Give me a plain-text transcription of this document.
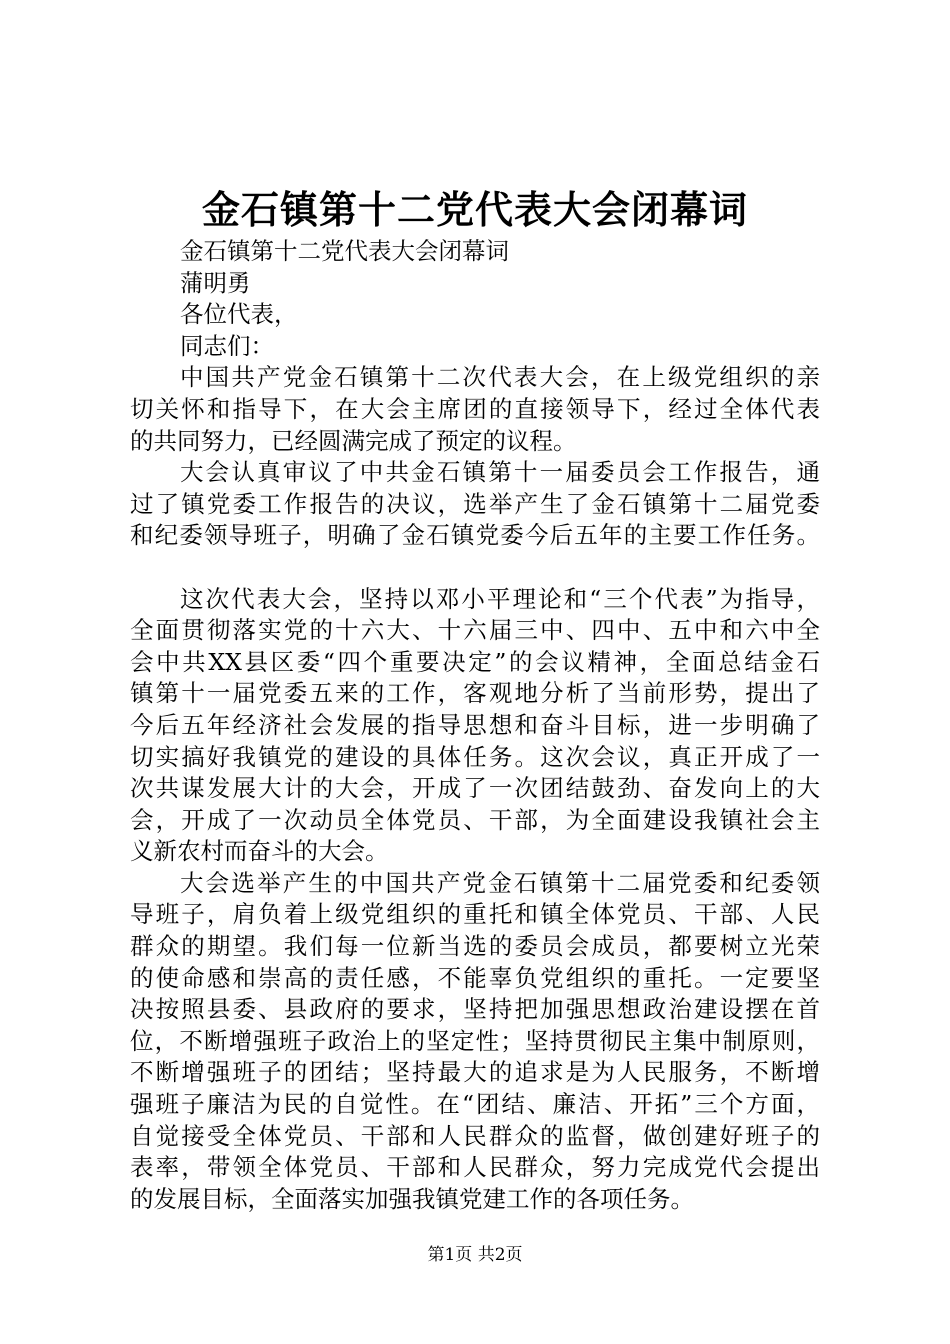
金石镇第十二党代表大会闭幕词
金石镇第十二党代表大会闭幕词
蒲明勇
各位代表，
同志们：
中国共产党金石镇第十二次代表大会，在上级党组织的亲
切关怀和指导下，在大会主席团的直接领导下，经过全体代表
的共同努力，已经圆满完成了预定的议程。
大会认真审议了中共金石镇第十一届委员会工作报告，通
过了镇党委工作报告的决议，选举产生了金石镇第十二届党委
和纪委领导班子，明确了金石镇党委今后五年的主要工作任务。
这次代表大会，坚持以邓小平理论和“三个代表”为指导，
全面贯彻落实党的十六大、十六届三中、四中、五中和六中全
会中共XX县区委“四个重要决定”的会议精神，全面总结金石
镇第十一届党委五来的工作，客观地分析了当前形势，提出了
今后五年经济社会发展的指导思想和奋斗目标，进一步明确了
切实搞好我镇党的建设的具体任务。这次会议，真正开成了一
次共谋发展大计的大会，开成了一次团结鼓劲、奋发向上的大
会，开成了一次动员全体党员、干部，为全面建设我镇社会主
义新农村而奋斗的大会。
大会选举产生的中国共产党金石镇第十二届党委和纪委领
导班子，肩负着上级党组织的重托和镇全体党员、干部、人民
群众的期望。我们每一位新当选的委员会成员，都要树立光荣
的使命感和崇高的责任感，不能辜负党组织的重托。一定要坚
决按照县委、县政府的要求，坚持把加强思想政治建设摆在首
位，不断增强班子政治上的坚定性；坚持贯彻民主集中制原则，
不断增强班子的团结；坚持最大的追求是为人民服务，不断增
强班子廉洁为民的自觉性。在“团结、廉洁、开拓”三个方面，
自觉接受全体党员、干部和人民群众的监督，做创建好班子的
表率，带领全体党员、干部和人民群众，努力完成党代会提出
的发展目标，全面落实加强我镇党建工作的各项任务。
第1页 共2页
